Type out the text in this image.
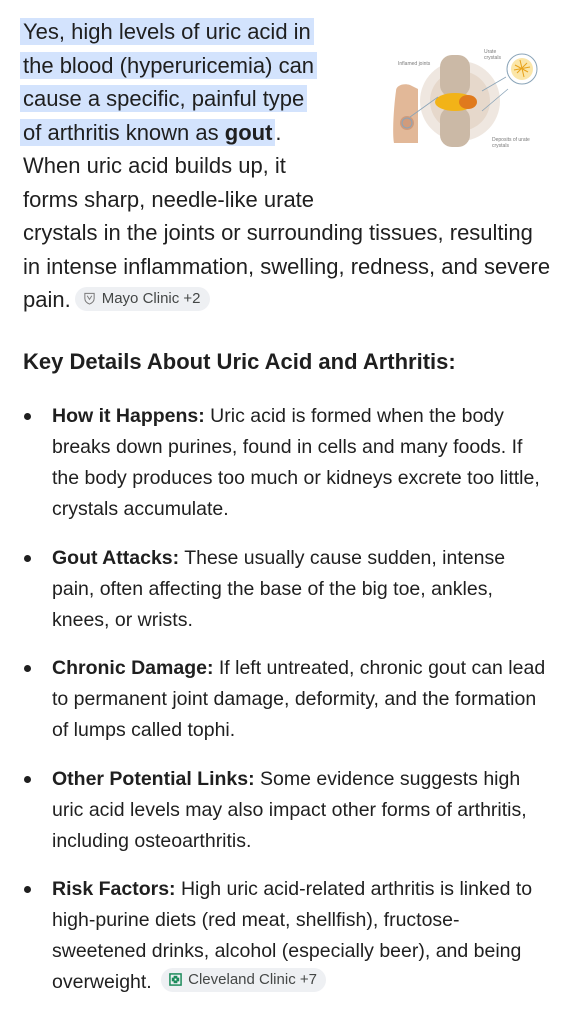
Yes, high levels of uric acid in
the blood (hyperuricemia) can
cause a specific, painful type
of arthritis known as gout .
When uric acid builds up, it
forms sharp, needle-like urate
crystals in the joints or surrounding tissues, resulting in intense inflammation, swelling, redness, and severe pain. Mayo Clinic +2
Inflamed joints
Urate crystals
Deposits of urate crystals
Key Details About Uric Acid and Arthritis:
How it Happens: Uric acid is formed when the body breaks down purines, found in cells and many foods. If the body produces too much or kidneys excrete too little, crystals accumulate.
Gout Attacks: These usually cause sudden, intense pain, often affecting the base of the big toe, ankles, knees, or wrists.
Chronic Damage: If left untreated, chronic gout can lead to permanent joint damage, deformity, and the formation of lumps called tophi.
Other Potential Links: Some evidence suggests high uric acid levels may also impact other forms of arthritis, including osteoarthritis.
Risk Factors: High uric acid-related arthritis is linked to high-purine diets (red meat, shellfish), fructose-sweetened drinks, alcohol (especially beer), and being overweight. Cleveland Clinic +7
